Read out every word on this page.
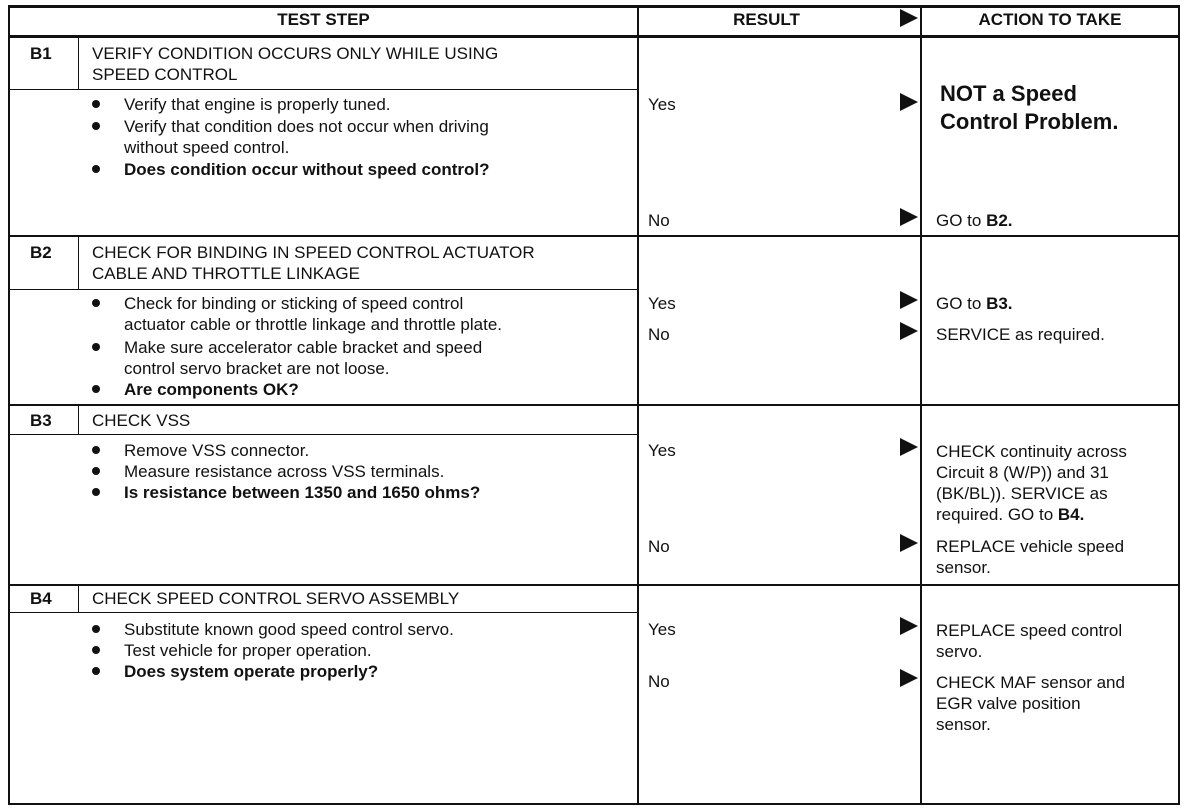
TEST STEP	RESULT	ACTION TO TAKE
B1 VERIFY CONDITION OCCURS ONLY WHILE USING
SPEED CONTROL
Verify that engine is properly tuned.
Verify that condition does not occur when driving
without speed control.
Does condition occur without speed control?
Yes	NOT a Speed
Control Problem.
No	GO to B2.
B2 CHECK FOR BINDING IN SPEED CONTROL ACTUATOR
CABLE AND THROTTLE LINKAGE
Check for binding or sticking of speed control
actuator cable or throttle linkage and throttle plate.
Make sure accelerator cable bracket and speed
control servo bracket are not loose.
Are components OK?
Yes	GO to B3.
No	SERVICE as required.
B3 CHECK VSS
Remove VSS connector.
Measure resistance across VSS terminals.
Is resistance between 1350 and 1650 ohms?
Yes	CHECK continuity across
Circuit 8 (W/P)) and 31
(BK/BL)). SERVICE as
required. GO to B4.
No	REPLACE vehicle speed
sensor.
B4 CHECK SPEED CONTROL SERVO ASSEMBLY
Substitute known good speed control servo.
Test vehicle for proper operation.
Does system operate properly?
Yes	REPLACE speed control
servo.
No	CHECK MAF sensor and
EGR valve position
sensor.
